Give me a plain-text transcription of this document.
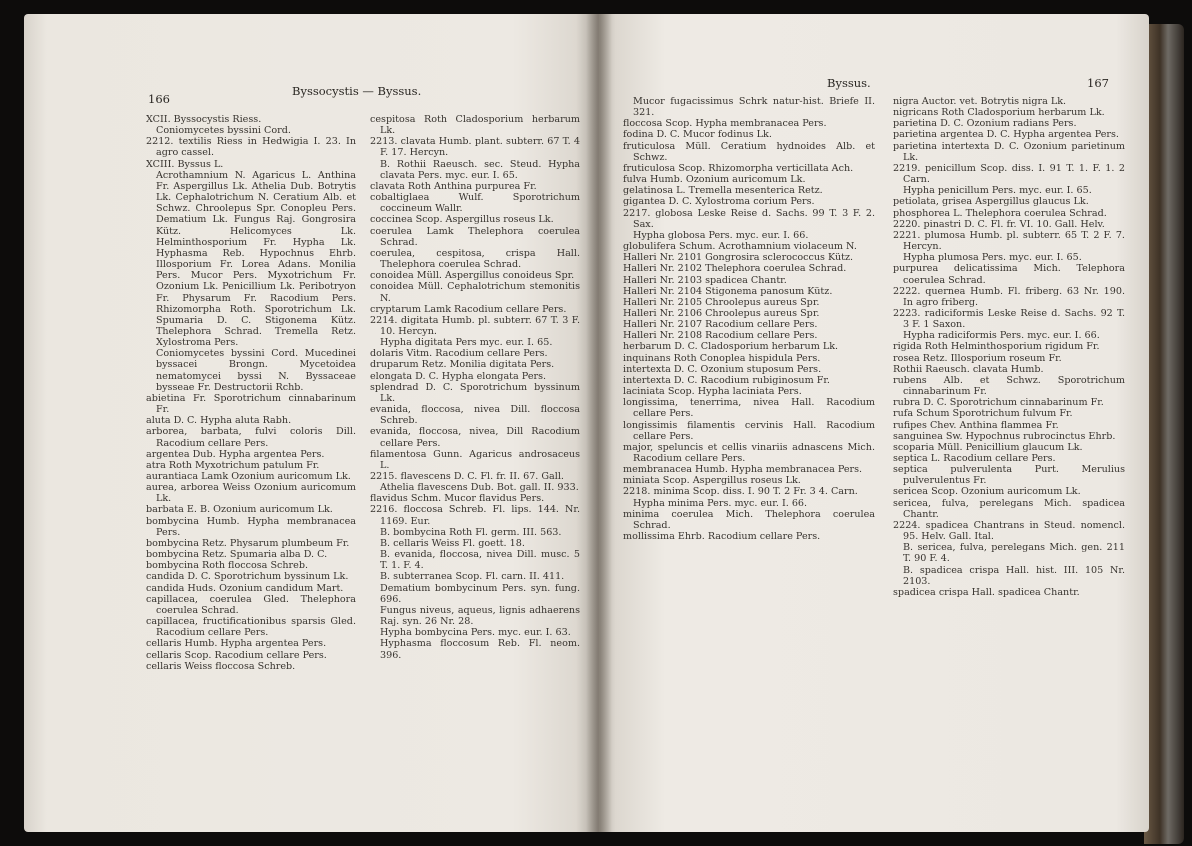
166
Byssocystis — Byssus.

XCII. Byssocystis Riess.

Coniomycetes byssini Cord.

2212. textilis Riess in Hedwigia I. 23. In agro cassel.

XCIII. Byssus L.

Acrothamnium N. Agaricus L. Anthina Fr. Aspergillus Lk. Athelia Dub. Botrytis Lk. Cephalotrichum N. Ceratium Alb. et Schwz. Chroolepus Spr. Conopleu Pers. Dematium Lk. Fungus Raj. Gongrosira Kütz. Helicomyces Lk. Helminthosporium Fr. Hypha Lk. Hyphasma Reb. Hypochnus Ehrb. Illosporium Fr. Lorea Adans. Monilia Pers. Mucor Pers. Myxotrichum Fr. Ozonium Lk. Penicillium Lk. Peribotryon Fr. Physarum Fr. Racodium Pers. Rhizomorpha Roth. Sporotrichum Lk. Spumaria D. C. Stigonema Kütz. Thelephora Schrad. Tremella Retz. Xylostroma Pers.

Coniomycetes byssini Cord. Mucedinei byssacei Brongn. Mycetoidea nematomycei byssi N. Byssaceae bysseae Fr. Destructorii Rchb.

abietina Fr. Sporotrichum cinnabarinum Fr.

aluta D. C. Hypha aluta Rabh.

arborea, barbata, fulvi coloris Dill. Racodium cellare Pers.

argentea Dub. Hypha argentea Pers.

atra Roth Myxotrichum patulum Fr.

aurantiaca Lamk Ozonium auricomum Lk.

aurea, arborea Weiss Ozonium auricomum Lk.

barbata E. B. Ozonium auricomum Lk.

bombycina Humb. Hypha membranacea Pers.

bombycina Retz. Physarum plumbeum Fr.

bombycina Retz. Spumaria alba D. C.

bombycina Roth floccosa Schreb.

candida D. C. Sporotrichum byssinum Lk.

candida Huds. Ozonium candidum Mart.

capillacea, coerulea Gled. Thelephora coerulea Schrad.

capillacea, fructificationibus sparsis Gled. Racodium cellare Pers.

cellaris Humb. Hypha argentea Pers.

cellaris Scop. Racodium cellare Pers.

cellaris Weiss floccosa Schreb.

cespitosa Roth Cladosporium herbarum Lk.

2213. clavata Humb. plant. subterr. 67 T. 4 F. 17. Hercyn.

B. Rothii Raeusch. sec. Steud. Hypha clavata Pers. myc. eur. I. 65.

clavata Roth Anthina purpurea Fr.

cobaltiglaea Wulf. Sporotrichum coccineum Wallr.

coccinea Scop. Aspergillus roseus Lk.

coerulea Lamk Thelephora coerulea Schrad.

coerulea, cespitosa, crispa Hall. Thelephora coerulea Schrad.

conoidea Müll. Aspergillus conoideus Spr.

conoidea Müll. Cephalotrichum stemonitis N.

cryptarum Lamk Racodium cellare Pers.

2214. digitata Humb. pl. subterr. 67 T. 3 F. 10. Hercyn.

Hypha digitata Pers myc. eur. I. 65.

dolaris Vitm. Racodium cellare Pers.

druparum Retz. Monilia digitata Pers.

elongata D. C. Hypha elongata Pers.

splendrad D. C. Sporotrichum byssinum Lk.

evanida, floccosa, nivea Dill. floccosa Schreb.

evanida, floccosa, nivea, Dill Racodium cellare Pers.

filamentosa Gunn. Agaricus androsaceus L.

2215. flavescens D. C. Fl. fr. II. 67. Gall.

Athelia flavescens Dub. Bot. gall. II. 933.

flavidus Schm. Mucor flavidus Pers.

2216. floccosa Schreb. Fl. lips. 144. Nr. 1169. Eur.

B. bombycina Roth Fl. germ. III. 563.

B. cellaris Weiss Fl. goett. 18.

B. evanida, floccosa, nivea Dill. musc. 5 T. 1. F. 4.

B. subterranea Scop. Fl. carn. II. 411.

Dematium bombycinum Pers. syn. fung. 696.

Fungus niveus, aqueus, lignis adhaerens Raj. syn. 26 Nr. 28.

Hypha bombycina Pers. myc. eur. I. 63.

Hyphasma floccosum Reb. Fl. neom. 396.

Byssus.	167

Mucor fugacissimus Schrk natur-hist. Briefe II. 321.

floccosa Scop. Hypha membranacea Pers.

fodina D. C. Mucor fodinus Lk.

fruticulosa Müll. Ceratium hydnoides Alb. et Schwz.

fruticulosa Scop. Rhizomorpha verticillata Ach.

fulva Humb. Ozonium auricomum Lk.

gelatinosa L. Tremella mesenterica Retz.

gigantea D. C. Xylostroma corium Pers.

2217. globosa Leske Reise d. Sachs. 99 T. 3 F. 2. Sax.

Hypha globosa Pers. myc. eur. I. 66.

globulifera Schum. Acrothamnium violaceum N.

Halleri Nr. 2101 Gongrosira sclerococcus Kütz.

Halleri Nr. 2102 Thelephora coerulea Schrad.

Halleri Nr. 2103 spadicea Chantr.

Halleri Nr. 2104 Stigonema panosum Kütz.

Halleri Nr. 2105 Chroolepus aureus Spr.

Halleri Nr. 2106 Chroolepus aureus Spr.

Halleri Nr. 2107 Racodium cellare Pers.

Halleri Nr. 2108 Racodium cellare Pers.

herbarum D. C. Cladosporium herbarum Lk.

inquinans Roth Conoplea hispidula Pers.

intertexta D. C. Ozonium stuposum Pers.

intertexta D. C. Racodium rubiginosum Fr.

laciniata Scop. Hypha laciniata Pers.

longissima, tenerrima, nivea Hall. Racodium cellare Pers.

longissimis filamentis cervinis Hall. Racodium cellare Pers.

major, speluncis et cellis vinariis adnascens Mich. Racodium cellare Pers.

membranacea Humb. Hypha membranacea Pers.

miniata Scop. Aspergillus roseus Lk.

2218. minima Scop. diss. I. 90 T. 2 Fr. 3 4. Carn.

Hypha minima Pers. myc. eur. I. 66.

minima coerulea Mich. Thelephora coerulea Schrad.

mollissima Ehrb. Racodium cellare Pers.

nigra Auctor. vet. Botrytis nigra Lk.

nigricans Roth Cladosporium herbarum Lk.

parietina D. C. Ozonium radians Pers.

parietina argentea D. C. Hypha argentea Pers.

parietina intertexta D. C. Ozonium parietinum Lk.

2219. penicillum Scop. diss. I. 91 T. 1. F. 1. 2 Carn.

Hypha penicillum Pers. myc. eur. I. 65.

petiolata, grisea Aspergillus glaucus Lk.

phosphorea L. Thelephora coerulea Schrad.

2220. pinastri D. C. Fl. fr. VI. 10. Gall. Helv.

2221. plumosa Humb. pl. subterr. 65 T. 2 F. 7. Hercyn.

Hypha plumosa Pers. myc. eur. I. 65.

purpurea delicatissima Mich. Telephora coerulea Schrad.

2222. quernea Humb. Fl. friberg. 63 Nr. 190. In agro friberg.

2223. radiciformis Leske Reise d. Sachs. 92 T. 3 F. 1 Saxon.

Hypha radiciformis Pers. myc. eur. I. 66.

rigida Roth Helminthosporium rigidum Fr.

rosea Retz. Illosporium roseum Fr.

Rothii Raeusch. clavata Humb.

rubens Alb. et Schwz. Sporotrichum cinnabarinum Fr.

rubra D. C. Sporotrichum cinnabarinum Fr.

rufa Schum Sporotrichum fulvum Fr.

rufipes Chev. Anthina flammea Fr.

sanguinea Sw. Hypochnus rubrocinctus Ehrb.

scoparia Müll. Penicillium glaucum Lk.

septica L. Racodium cellare Pers.

septica pulverulenta Purt. Merulius pulverulentus Fr.

sericea Scop. Ozonium auricomum Lk.

sericea, fulva, perelegans Mich. spadicea Chantr.

2224. spadicea Chantrans in Steud. nomencl. 95. Helv. Gall. Ital.

B. sericea, fulva, perelegans Mich. gen. 211 T. 90 F. 4.

B. spadicea crispa Hall. hist. III. 105 Nr. 2103.

spadicea crispa Hall. spadicea Chantr.
